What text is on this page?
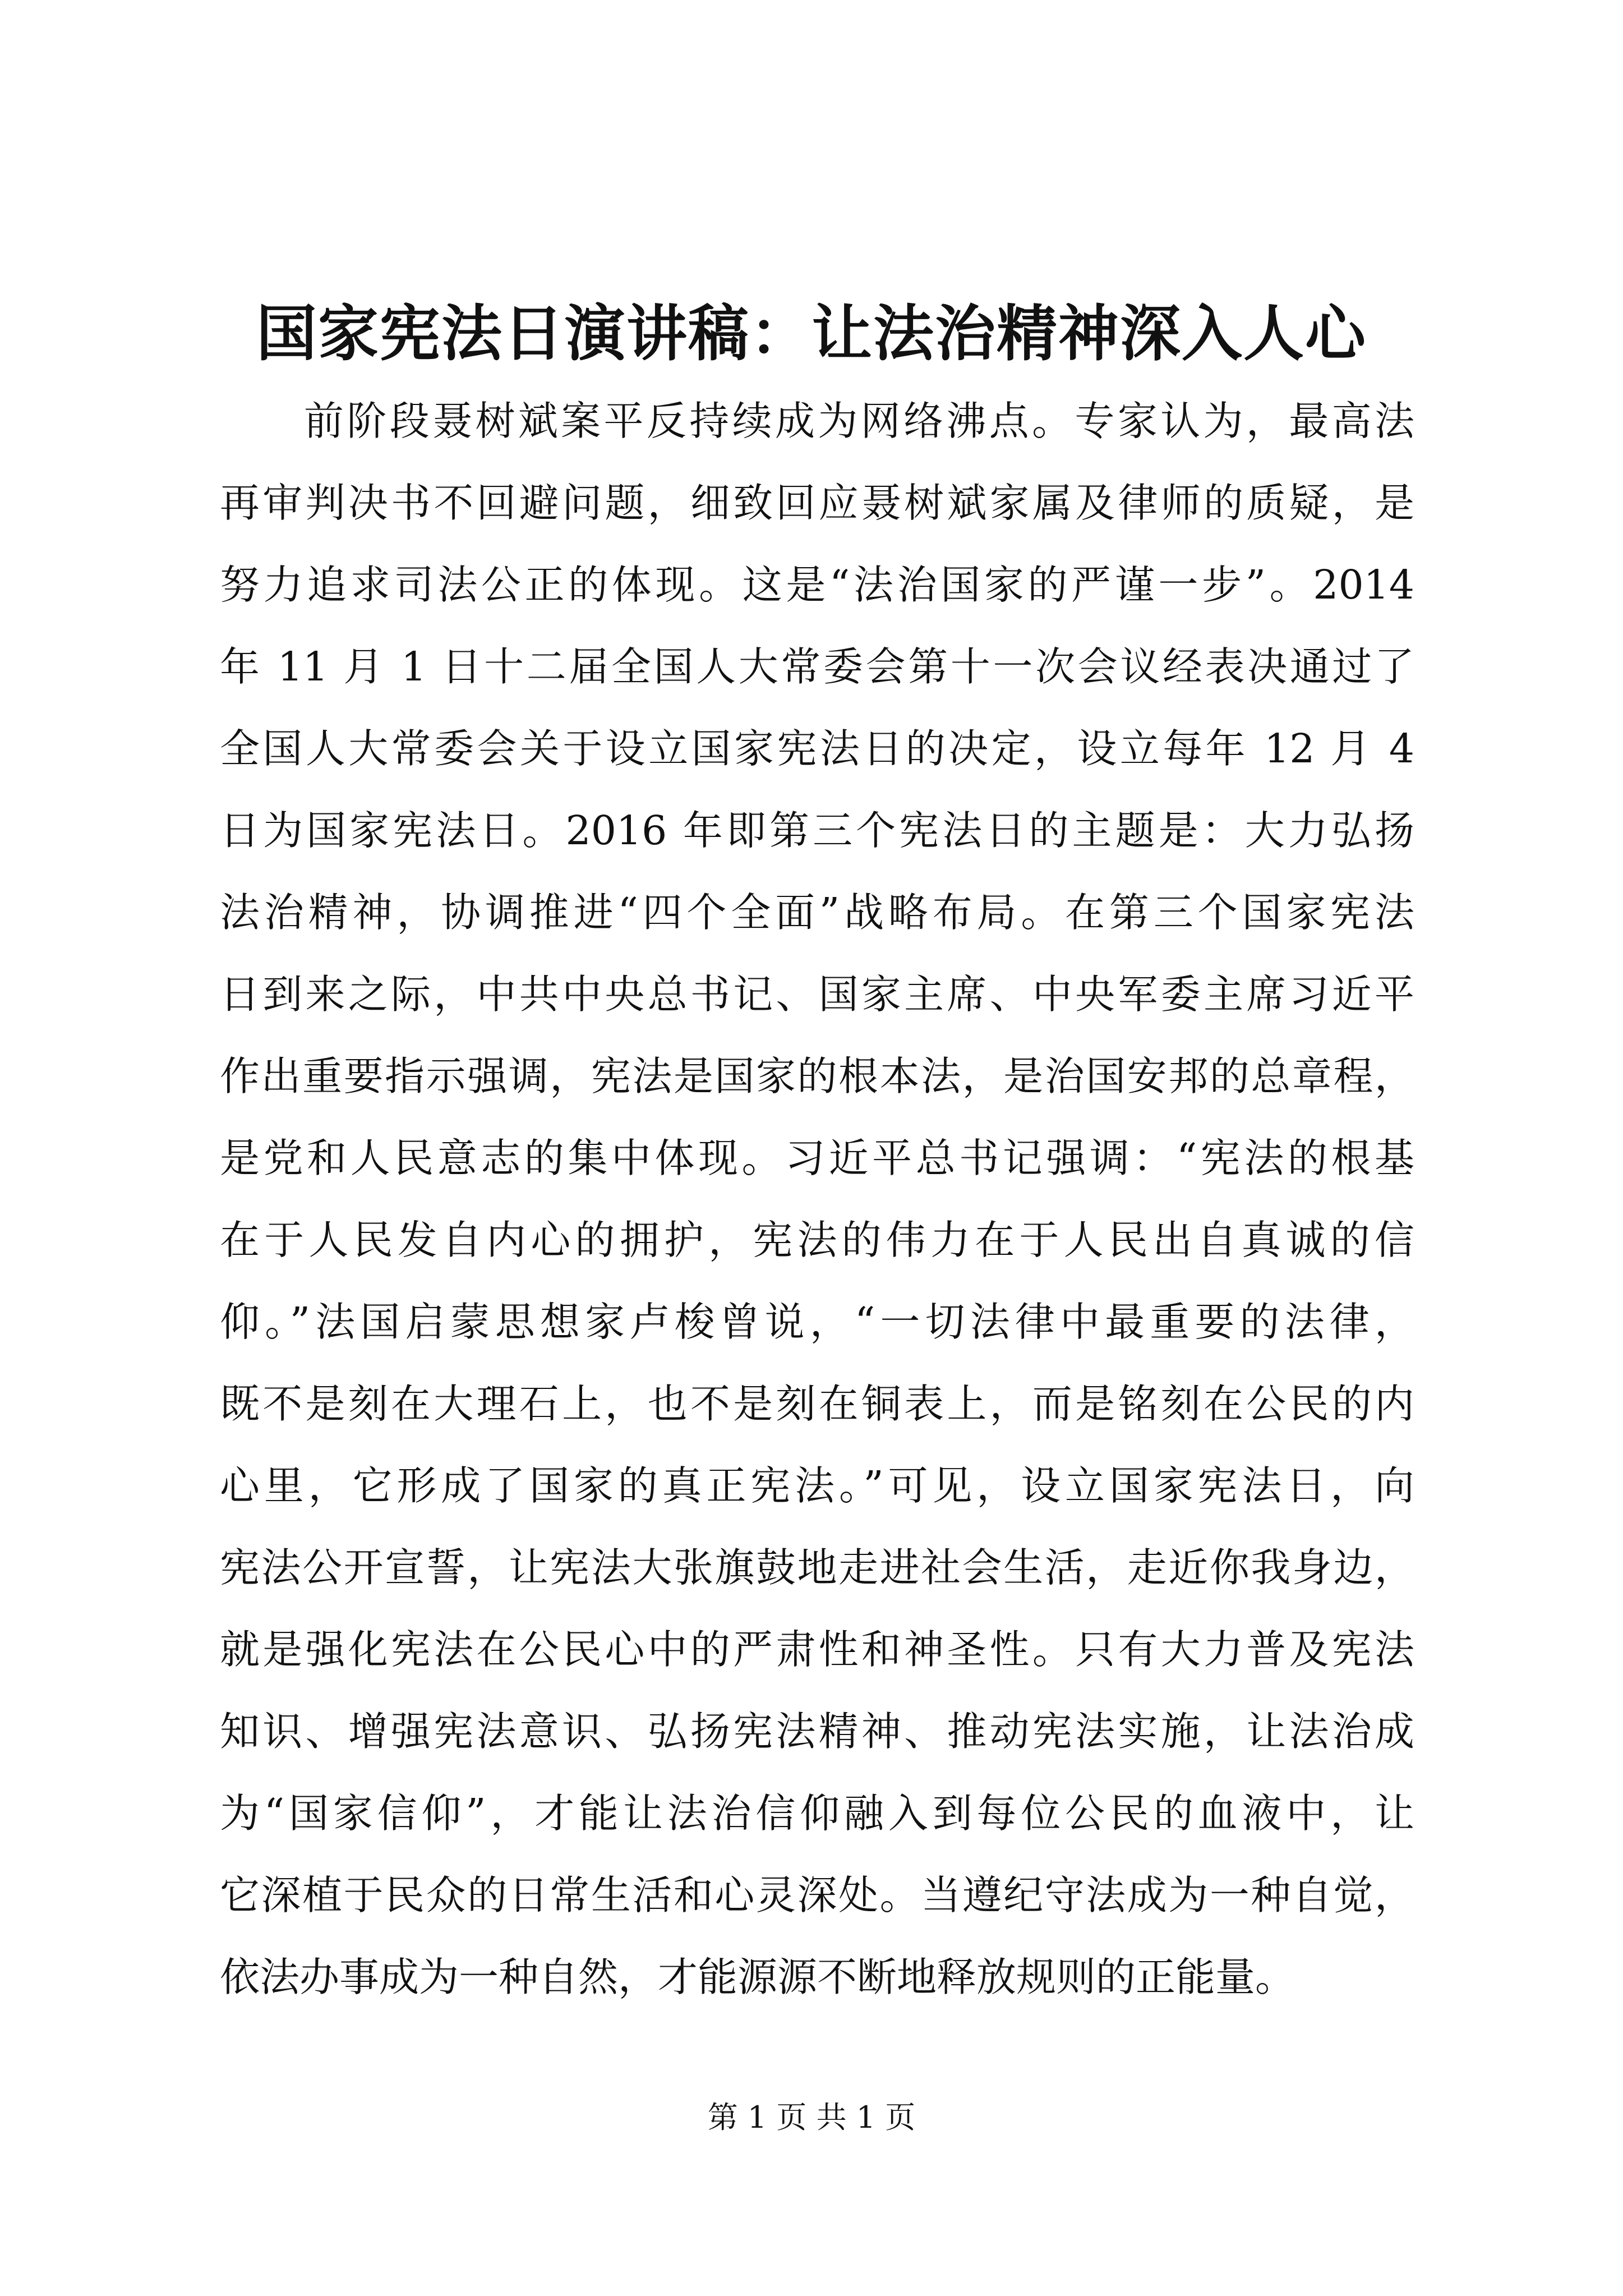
国家宪法日演讲稿：让法治精神深入人心
前阶段聂树斌案平反持续成为网络沸点。专家认为，最高法
再审判决书不回避问题，细致回应聂树斌家属及律师的质疑，是
努力追求司法公正的体现。这是“法治国家的严谨一步”。2014
年 11 月 1 日十二届全国人大常委会第十一次会议经表决通过了
全国人大常委会关于设立国家宪法日的决定，设立每年 12 月 4
日为国家宪法日。2016 年即第三个宪法日的主题是：大力弘扬
法治精神，协调推进“四个全面”战略布局。在第三个国家宪法
日到来之际，中共中央总书记、国家主席、中央军委主席习近平
作出重要指示强调，宪法是国家的根本法，是治国安邦的总章程，
是党和人民意志的集中体现。习近平总书记强调：“宪法的根基
在于人民发自内心的拥护，宪法的伟力在于人民出自真诚的信
仰。”法国启蒙思想家卢梭曾说，“一切法律中最重要的法律，
既不是刻在大理石上，也不是刻在铜表上，而是铭刻在公民的内
心里，它形成了国家的真正宪法。”可见，设立国家宪法日，向
宪法公开宣誓，让宪法大张旗鼓地走进社会生活，走近你我身边，
就是强化宪法在公民心中的严肃性和神圣性。只有大力普及宪法
知识、增强宪法意识、弘扬宪法精神、推动宪法实施，让法治成
为“国家信仰”，才能让法治信仰融入到每位公民的血液中，让
它深植于民众的日常生活和心灵深处。当遵纪守法成为一种自觉，
依法办事成为一种自然，才能源源不断地释放规则的正能量。
第 1 页 共 1 页
